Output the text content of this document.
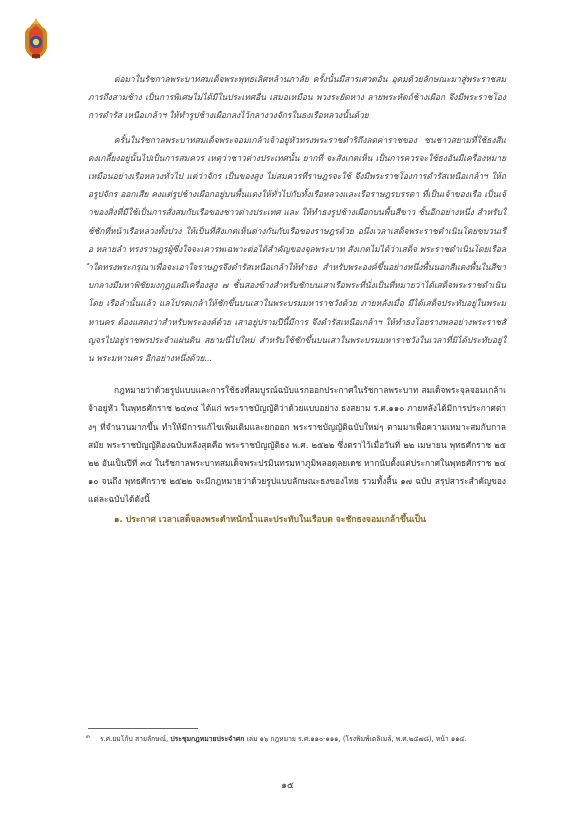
ต่อมาในรัชกาลพระบาทสมเด็จพระพุทธเลิศหล้านภาลัย ครั้งนั้นมีสารเศวตอัน อุดมด้วยลักษณะมาสู่พระราชสมภารถึงสามช้าง เป็นการพิเศษไม่ได้มีในประเทศอื่น เสมอเหมือน พวงระยัดหาง ลายพระหัตถ์ช้างเผือก จึงมีพระราชโองการดำรัส เหนือเกล้าฯ ให้ทำรูปช้างเผือกลงไว้กลางวงจักรในธงเรือหลวงนั้นด้วย

ครั้นในรัชกาลพระบาทสมเด็จพระจอมเกล้าเจ้าอยู่หัวทรงพระราชดำริถึงลดค่าราชของ ชนชาวสยามที่ใช้ธงสีแดงเกลี้ยงอยู่นั้นไปเป็นการสมควร เหตุว่าชาวต่างประเทศนั้น ยากที่ จะสังเกตเห็น เป็นการควรจะใช้ธงอันมีเครื่องหมายเหมือนอย่างเรือหลวงทั่วไป แต่ว่าจักร เป็นของสูง ไม่สมควรที่ราษฎรจะใช้ จึงมีพระราชโองการดำรัสเหนือเกล้าฯ ให้ถอรูปจักร ออกเสีย คงแต่รูปช้างเผือกอยู่บนพื้นแดงให้ทั่วไปกับทั้งเรือหลวงและเรือราษฎรบรรดา ที่เป็นเจ้าของเรือ เป็นเจ้าของสิ่งที่มีใช้เป็นการสั่งสมกับเรือของชาวต่างประเทศ และ ให้ทำธงรูปช้างเผือกบนพื้นสีขาว ชั้นอีกอย่างหนึ่ง สำหรับใช้ชักที่หน้าเรือหลวงทั้งปวง ให้เป็นที่สังเกตเห็นต่างกันกับเรือของราษฎรด้วย อนึ่งเวลาเสด็จพระราชดำเนินโดยขบวนเรือ หลายลำ ทรงราษฎรผู้ซึ่งใจจะเคารพเฉพาะต่อได้สำคัญของจุลพระบาท สังเกตไม่ได้ว่าเสด็จ พระราชดำเนินโดยเรือลำใดทรงพระกรุณาเพื่อจะเอาใจราษฎรจึงดำรัสเหนือเกล้าให้ทำธง สำหรับพระองค์ขึ้นอย่างหนึ่งพื้นนอกสีแดงพื้นในสีขาบกลางมีมหาพิชัยมงกุฎแลมีเครื่องสูง ๗ ชั้นสองข้างสำหรับชักบนเสาเรือพระที่นั่งเป็นที่หมายว่าได้เสด็จพระราชดำเนินโดย เรือลำนั้นแล้ว แลโปรดเกล้าให้ชักขึ้นบนเสาในพระบรมมหาราชวังด้วย ภายหลังเมื่อ มีได้เสด็จประทับอยู่ในพระมหานคร ต้องแสดงว่าสำหรับพระองค์ด้วย เสาอยู่ปรามปีนี้มีการ จึงดำรัสเหนือเกล้าฯ ให้ทำธงโอยรางพลอย่างพระราชสัญจรไปอยู่ราชพรประจำแผ่นดิน สยามนี่ไปใหม่ สำหรับใช้ชักขึ้นบนเสาในพระบรมมหาราชวังในเวลาที่มิได้ประทับอยู่ใน พระมหานคร อีกอย่างหนึ่งด้วย...

กฎหมายว่าด้วยรูปแบบและการใช้ธงที่สมบูรณ์ฉบับแรกออกประกาศในรัชกาลพระบาท สมเด็จพระจุลจอมเกล้าเจ้าอยู่หัว ในพุทธศักราช ๒๔๓๔ ได้แก่ พระราชบัญญัติว่าด้วยแบบอย่าง ธงสยาม ร.ศ.๑๑๐ ภายหลังได้มีการประกาศต่างๆ ที่จำนวนมากขึ้น ทำให้มีการแก้ไขเพิ่มเติมและยกออก พระราชบัญญัติฉบับใหม่ๆ ตามมาเพื่อความเหมาะสมกับกาลสมัย พระราชบัญญัติองฉบับหลังสุดคือ พระราชบัญญัติธง พ.ศ. ๒๕๒๒ ซึ่งตราไว้เมื่อวันที่ ๒๒ เมษายน พุทธศักราช ๒๕๒๒ อันเป็นปีที่ ๓๔ ในรัชกาลพระบาทสมเด็จพระปรมินทรมหาภูมิพลอดุลยเดช หากนับตั้งแต่ประกาศในพุทธศักราช ๒๔๑๐ จนถึง พุทธศักราช ๒๕๒๒ จะมีกฎหมายว่าด้วยรูปแบบลักษณะธงของไทย รวมทั้งสิ้น ๑๗ ฉบับ สรุปสาระสำคัญของแต่ละฉบับได้ดังนี้

๑. ประกาศ เวลาเสด็จลงพระตำหนักน้ำและประทับในเรือบด จะชักธงจอมเกล้าขึ้นเป็น

๓	ร.ศ.ยมโก้บ สายลักษณ์, ประชุมกฎหมายประจำศก เล่ม ๑๖ กฎหมาย ร.ศ.๑๑๐-๑๑๑, (โรงพิมพ์เดลิเมล์, พ.ศ.๒๔๗๘), หน้า ๑๑๔.
๑๕
